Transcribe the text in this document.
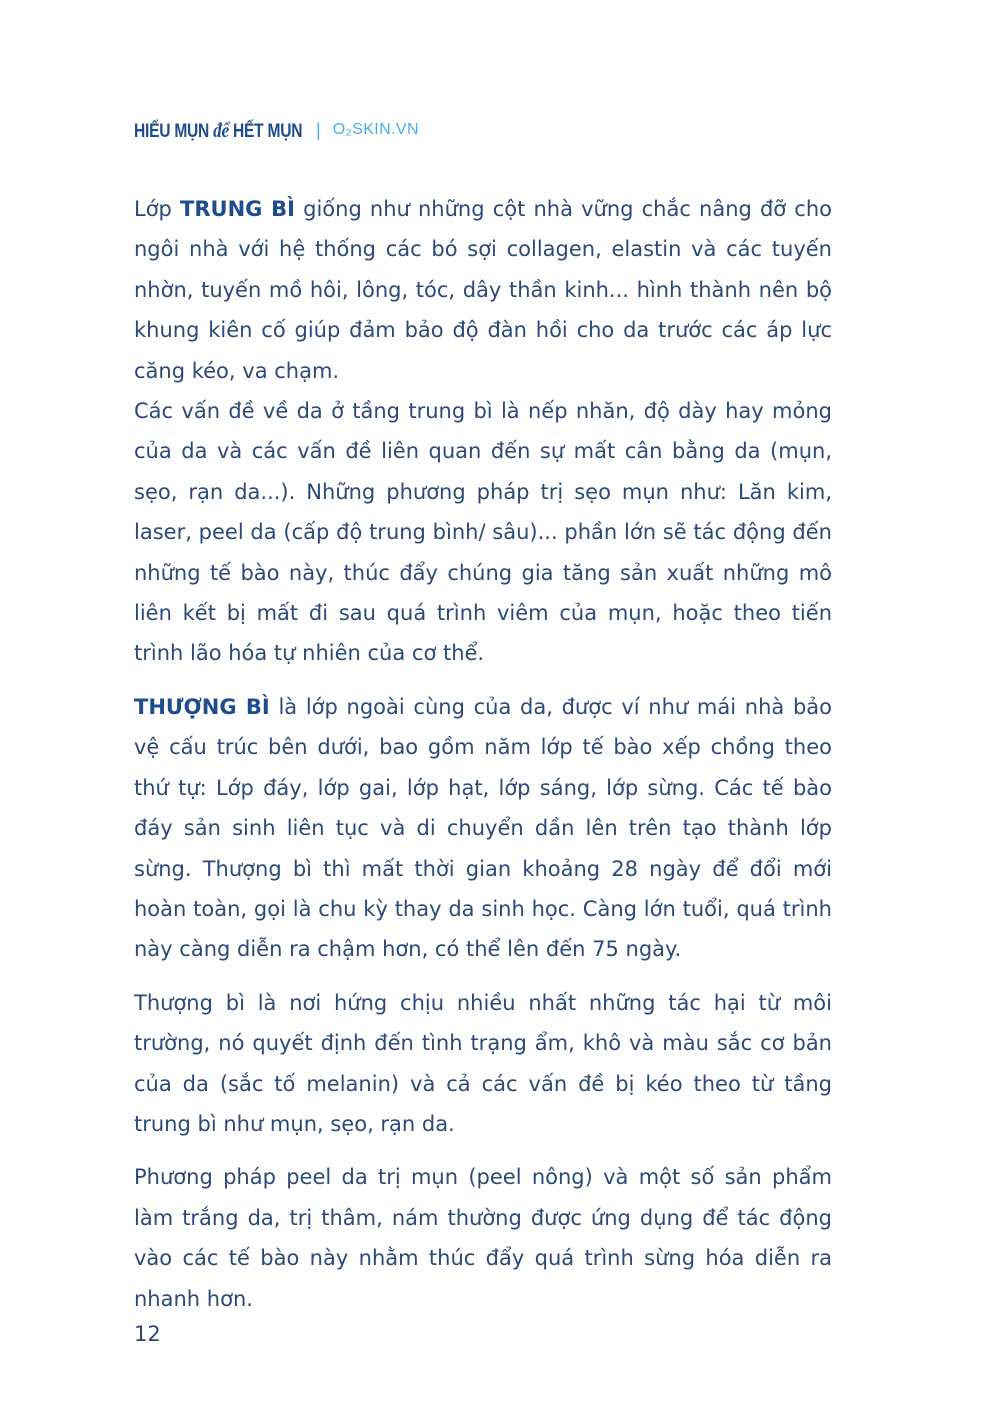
HIỂU MỤN để HẾT MỤN | O₂SKIN.VN

Lớp TRUNG BÌ giống như những cột nhà vững chắc nâng đỡ cho ngôi nhà với hệ thống các bó sợi collagen, elastin và các tuyến nhờn, tuyến mồ hôi, lông, tóc, dây thần kinh... hình thành nên bộ khung kiên cố giúp đảm bảo độ đàn hồi cho da trước các áp lực căng kéo, va chạm.

Các vấn đề về da ở tầng trung bì là nếp nhăn, độ dày hay mỏng của da và các vấn đề liên quan đến sự mất cân bằng da (mụn, sẹo, rạn da...). Những phương pháp trị sẹo mụn như: Lăn kim, laser, peel da (cấp độ trung bình/ sâu)... phần lớn sẽ tác động đến những tế bào này, thúc đẩy chúng gia tăng sản xuất những mô liên kết bị mất đi sau quá trình viêm của mụn, hoặc theo tiến trình lão hóa tự nhiên của cơ thể.

THƯỢNG BÌ là lớp ngoài cùng của da, được ví như mái nhà bảo vệ cấu trúc bên dưới, bao gồm năm lớp tế bào xếp chồng theo thứ tự: Lớp đáy, lớp gai, lớp hạt, lớp sáng, lớp sừng. Các tế bào đáy sản sinh liên tục và di chuyển dần lên trên tạo thành lớp sừng. Thượng bì thì mất thời gian khoảng 28 ngày để đổi mới hoàn toàn, gọi là chu kỳ thay da sinh học. Càng lớn tuổi, quá trình này càng diễn ra chậm hơn, có thể lên đến 75 ngày.

Thượng bì là nơi hứng chịu nhiều nhất những tác hại từ môi trường, nó quyết định đến tình trạng ẩm, khô và màu sắc cơ bản của da (sắc tố melanin) và cả các vấn đề bị kéo theo từ tầng trung bì như mụn, sẹo, rạn da.

Phương pháp peel da trị mụn (peel nông) và một số sản phẩm làm trắng da, trị thâm, nám thường được ứng dụng để tác động vào các tế bào này nhằm thúc đẩy quá trình sừng hóa diễn ra nhanh hơn.

12
